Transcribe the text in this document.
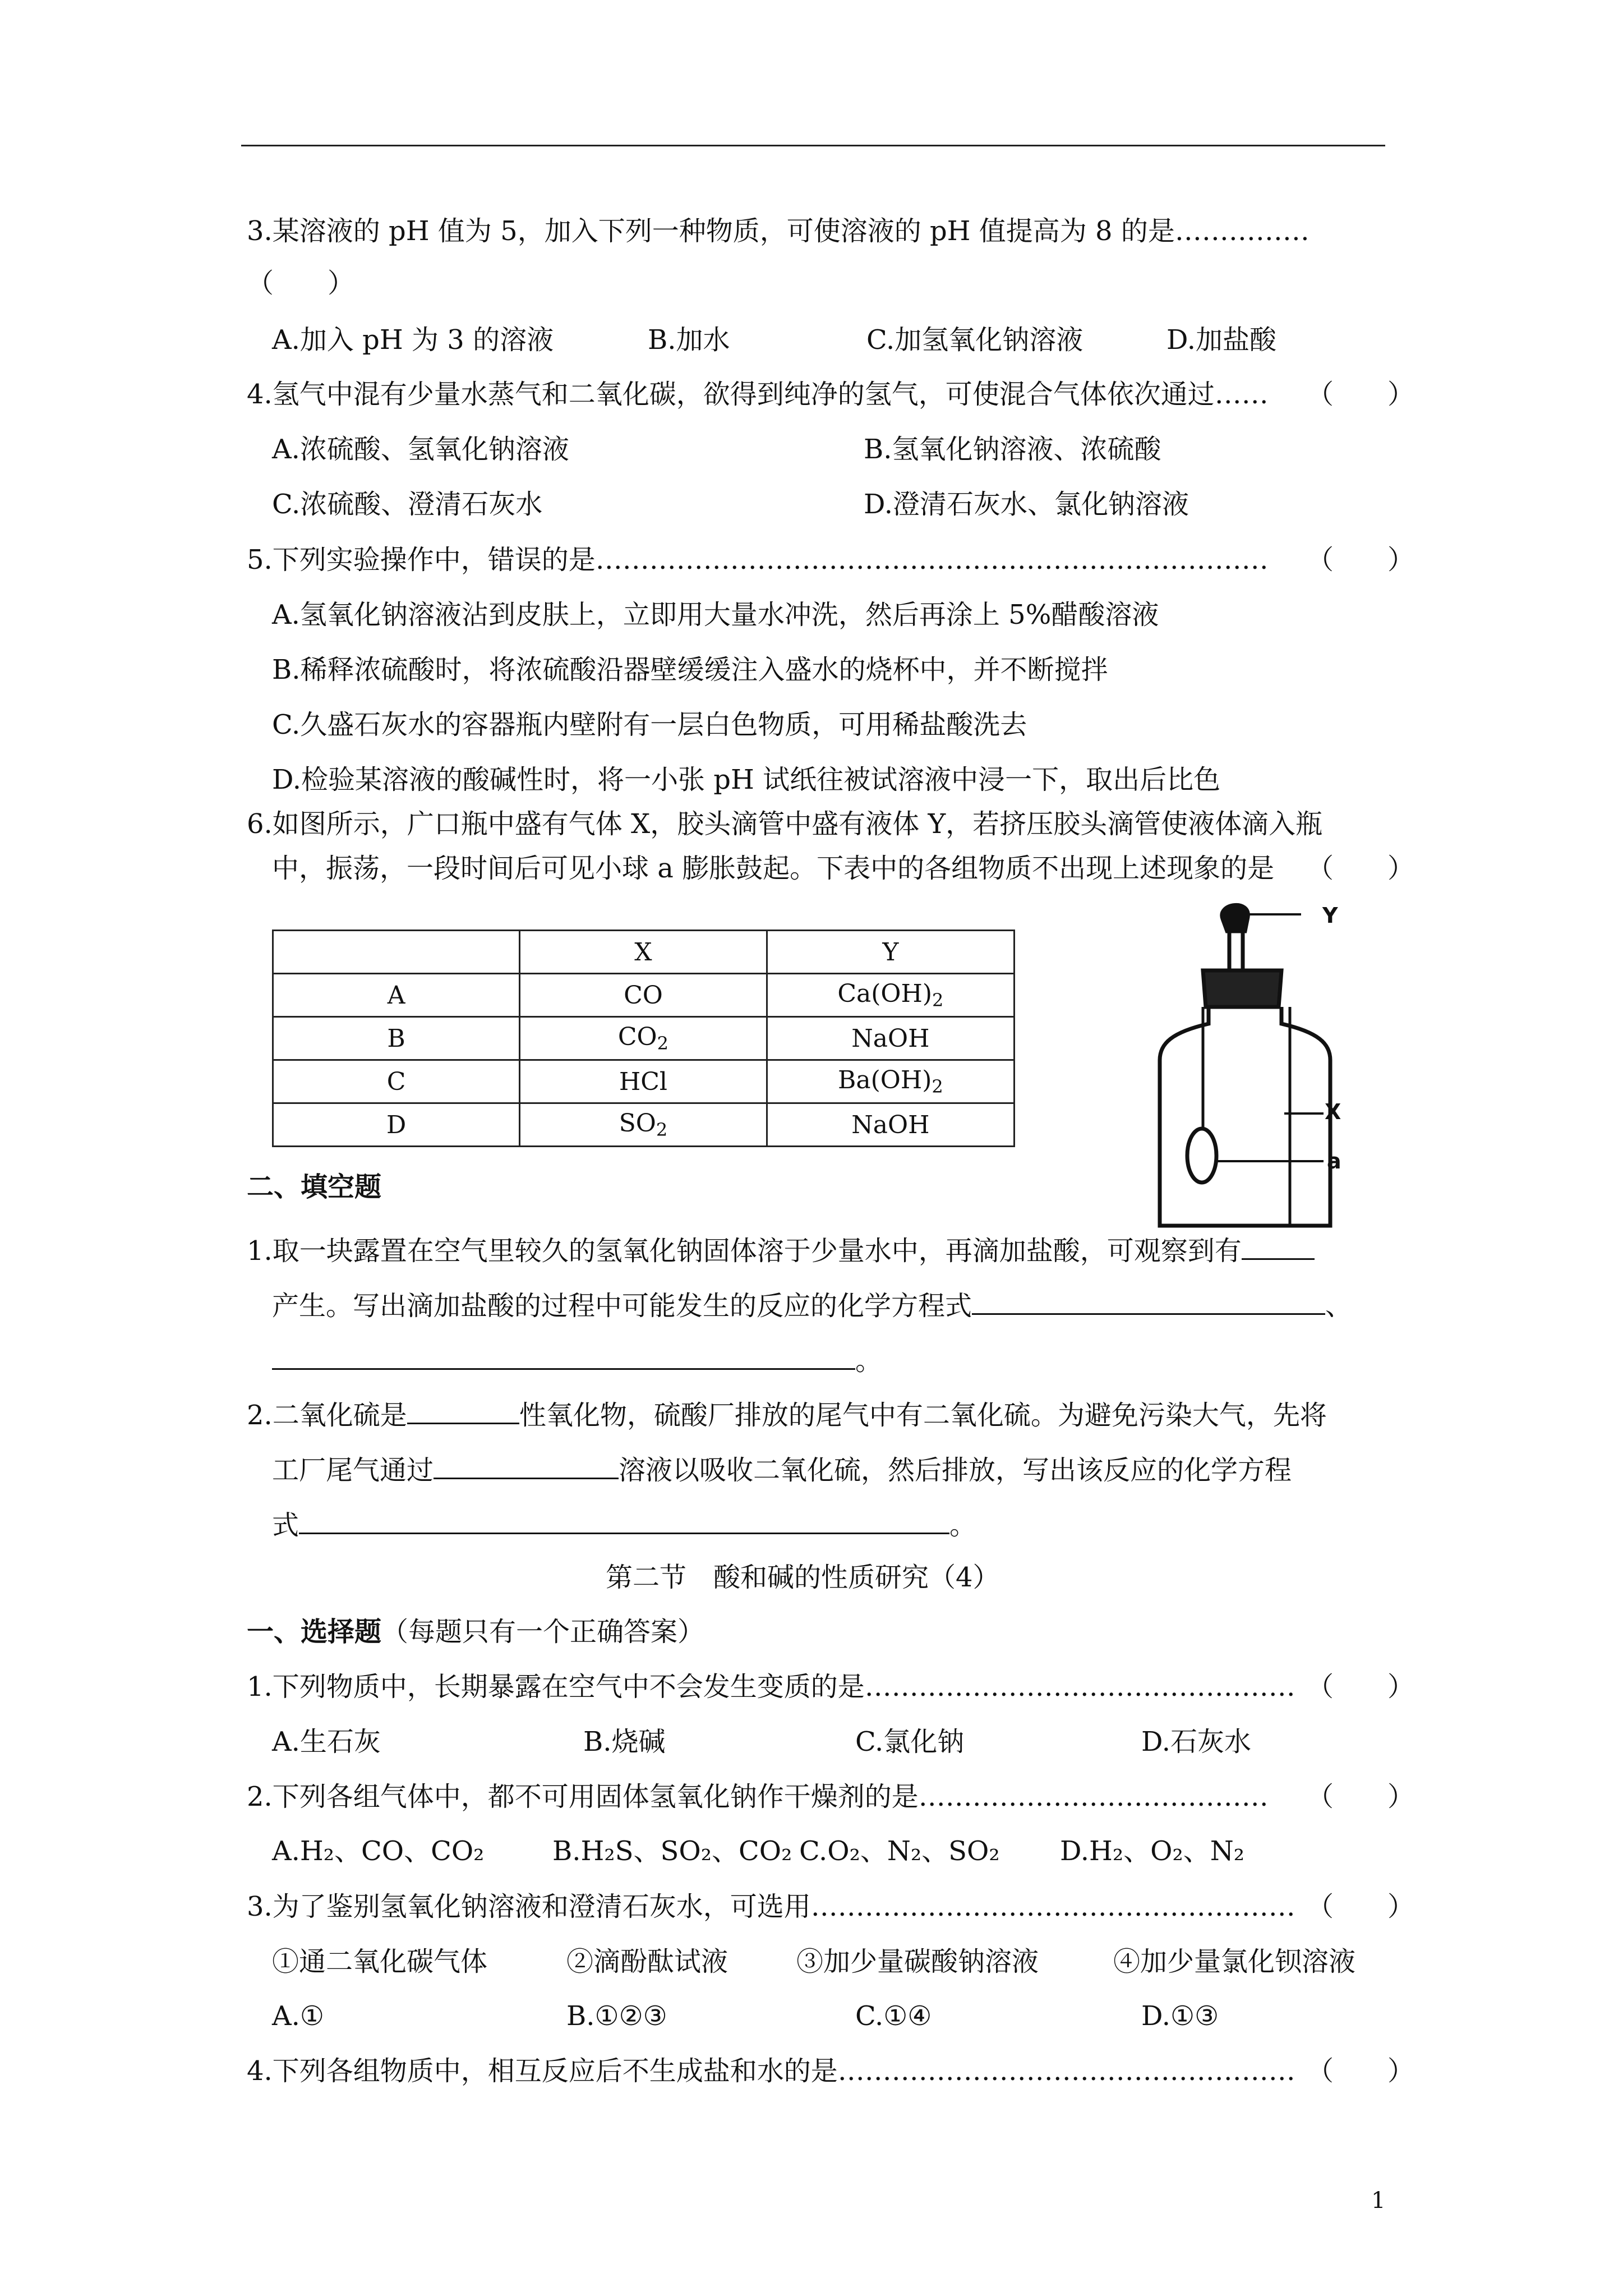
3.某溶液的 pH 值为 5，加入下列一种物质，可使溶液的 pH 值提高为 8 的是……………
（　　）
A.加入 pH 为 3 的溶液	B.加水	C.加氢氧化钠溶液	D.加盐酸
4.氢气中混有少量水蒸气和二氧化碳，欲得到纯净的氢气，可使混合气体依次通过…… （　　）
A.浓硫酸、氢氧化钠溶液	B.氢氧化钠溶液、浓硫酸
C.浓硫酸、澄清石灰水	D.澄清石灰水、氯化钠溶液
5.下列实验操作中，错误的是………………………………………………………………… （　　）
A.氢氧化钠溶液沾到皮肤上，立即用大量水冲洗，然后再涂上 5%醋酸溶液
B.稀释浓硫酸时，将浓硫酸沿器壁缓缓注入盛水的烧杯中，并不断搅拌
C.久盛石灰水的容器瓶内壁附有一层白色物质，可用稀盐酸洗去
D.检验某溶液的酸碱性时，将一小张 pH 试纸往被试溶液中浸一下，取出后比色
6.如图所示，广口瓶中盛有气体 X，胶头滴管中盛有液体 Y，若挤压胶头滴管使液体滴入瓶
中，振荡，一段时间后可见小球 a 膨胀鼓起。下表中的各组物质不出现上述现象的是 （　　）
	X	Y
A	CO	$Ca(OH)_2$
B	$CO_2$	NaOH
C	HCl	$Ba(OH)_2$
D	$SO_2$	NaOH
Y
X
a
二、填空题
1.取一块露置在空气里较久的氢氧化钠固体溶于少量水中，再滴加盐酸，可观察到有
产生。写出滴加盐酸的过程中可能发生的反应的化学方程式	、
。
2.二氧化硫是	性氧化物，硫酸厂排放的尾气中有二氧化硫。为避免污染大气，先将
工厂尾气通过	溶液以吸收二氧化硫，然后排放，写出该反应的化学方程
式	。
第二节　酸和碱的性质研究（4）
一、选择题（每题只有一个正确答案）
1.下列物质中，长期暴露在空气中不会发生变质的是………………………………………… （　　）
A.生石灰	B.烧碱	C.氯化钠	D.石灰水
2.下列各组气体中，都不可用固体氢氧化钠作干燥剂的是………………………………… （　　）
A.H₂、CO、CO₂	B.H₂S、SO₂、CO₂ C.O₂、N₂、SO₂ D.H₂、O₂、N₂
3.为了鉴别氢氧化钠溶液和澄清石灰水，可选用……………………………………………… （　　）
①通二氧化碳气体	②滴酚酞试液	③加少量碳酸钠溶液	④加少量氯化钡溶液
A.①	B.①②③	C.①④	D.①③
4.下列各组物质中，相互反应后不生成盐和水的是…………………………………………… （　　）
1
